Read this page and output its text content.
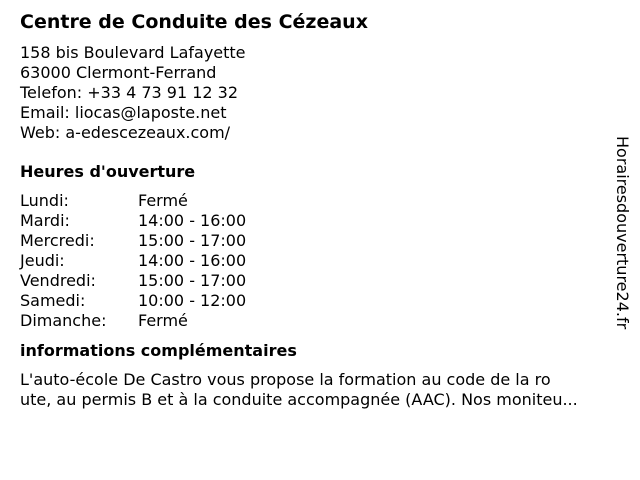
Centre de Conduite des Cézeaux
158 bis Boulevard Lafayette
63000 Clermont-Ferrand
Telefon: +33 4 73 91 12 32
Email: liocas@laposte.net
Web: a-edescezeaux.com/
Heures d'ouverture
Lundi:	Fermé
Mardi:	14:00 - 16:00
Mercredi:	15:00 - 17:00
Jeudi:	14:00 - 16:00
Vendredi:	15:00 - 17:00
Samedi:	10:00 - 12:00
Dimanche:	Fermé
informations complémentaires
L'auto-école De Castro vous propose la formation au code de la ro
ute, au permis B et à la conduite accompagnée (AAC). Nos moniteu...
Horairesdouverture24.fr
